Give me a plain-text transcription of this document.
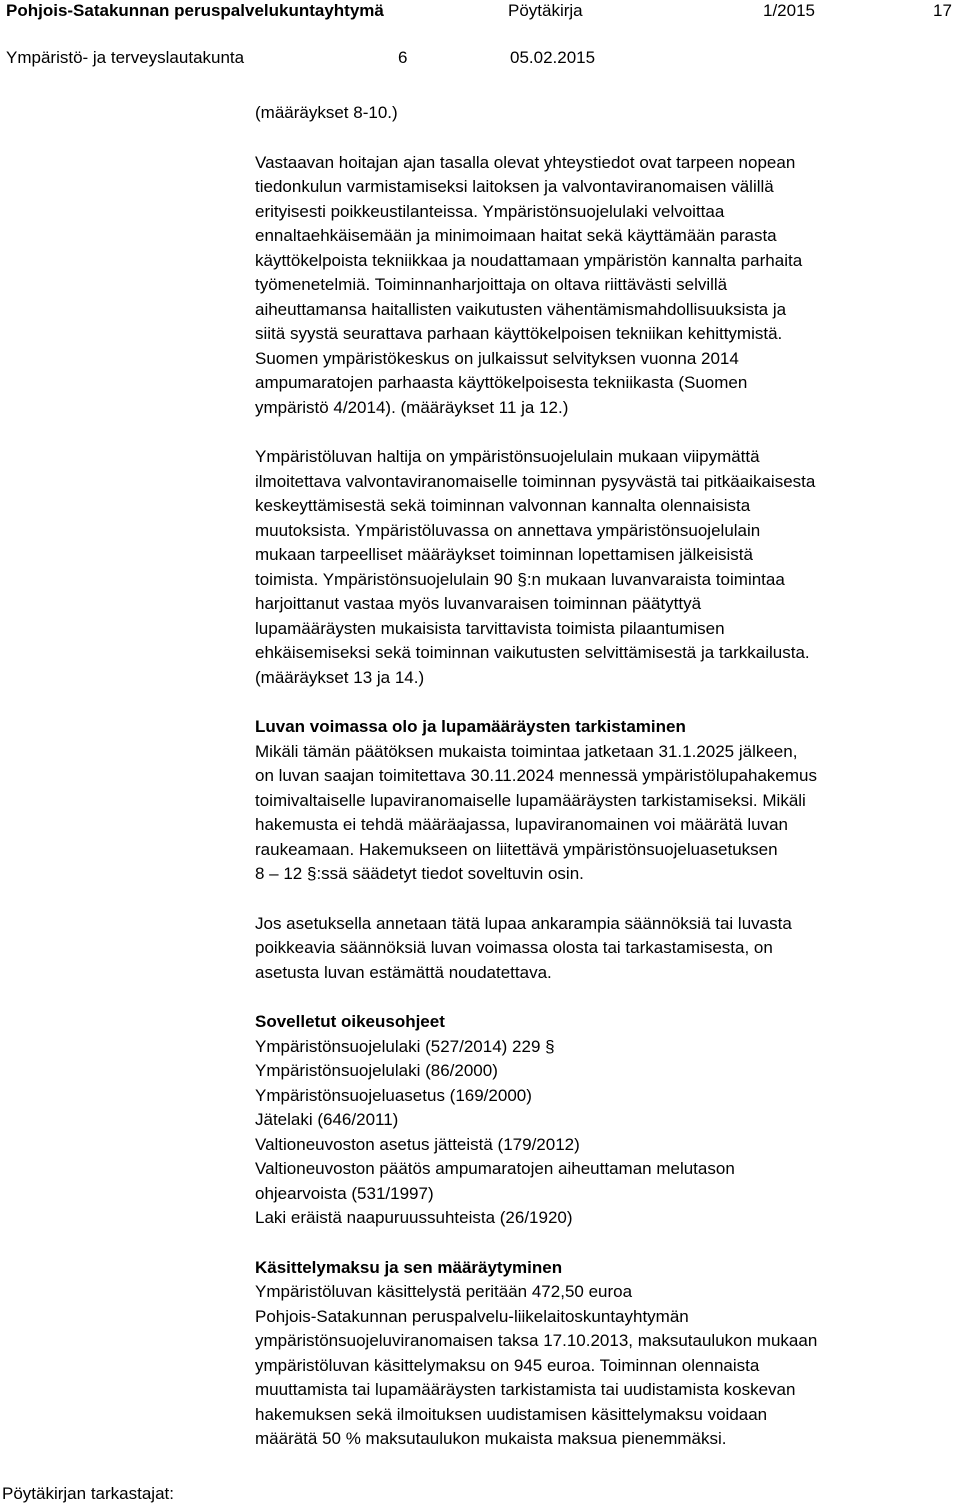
Pohjois-Satakunnan peruspalvelukuntayhtymä	Pöytäkirja	1/2015	17
Ympäristö- ja terveyslautakunta	6	05.02.2015

(määräykset 8-10.)

Vastaavan hoitajan ajan tasalla olevat yhteystiedot ovat tarpeen nopean
tiedonkulun varmistamiseksi laitoksen ja valvontaviranomaisen välillä
erityisesti poikkeustilanteissa. Ympäristönsuojelulaki velvoittaa
ennaltaehkäisemään ja minimoimaan haitat sekä käyttämään parasta
käyttökelpoista tekniikkaa ja noudattamaan ympäristön kannalta parhaita
työmenetelmiä. Toiminnanharjoittaja on oltava riittävästi selvillä
aiheuttamansa haitallisten vaikutusten vähentämismahdollisuuksista ja
siitä syystä seurattava parhaan käyttökelpoisen tekniikan kehittymistä.
Suomen ympäristökeskus on julkaissut selvityksen vuonna 2014
ampumaratojen parhaasta käyttökelpoisesta tekniikasta (Suomen
ympäristö 4/2014). (määräykset 11 ja 12.)

Ympäristöluvan haltija on ympäristönsuojelulain mukaan viipymättä
ilmoitettava valvontaviranomaiselle toiminnan pysyvästä tai pitkäaikaisesta
keskeyttämisestä sekä toiminnan valvonnan kannalta olennaisista
muutoksista. Ympäristöluvassa on annettava ympäristönsuojelulain
mukaan tarpeelliset määräykset toiminnan lopettamisen jälkeisistä
toimista. Ympäristönsuojelulain 90 §:n mukaan luvanvaraista toimintaa
harjoittanut vastaa myös luvanvaraisen toiminnan päätyttyä
lupamääräysten mukaisista tarvittavista toimista pilaantumisen
ehkäisemiseksi sekä toiminnan vaikutusten selvittämisestä ja tarkkailusta.
(määräykset 13 ja 14.)

Luvan voimassa olo ja lupamääräysten tarkistaminen

Mikäli tämän päätöksen mukaista toimintaa jatketaan 31.1.2025 jälkeen,
on luvan saajan toimitettava 30.11.2024 mennessä ympäristölupahakemus
toimivaltaiselle lupaviranomaiselle lupamääräysten tarkistamiseksi. Mikäli
hakemusta ei tehdä määräajassa, lupaviranomainen voi määrätä luvan
raukeamaan. Hakemukseen on liitettävä ympäristönsuojeluasetuksen
8 – 12 §:ssä säädetyt tiedot soveltuvin osin.

Jos asetuksella annetaan tätä lupaa ankarampia säännöksiä tai luvasta
poikkeavia säännöksiä luvan voimassa olosta tai tarkastamisesta, on
asetusta luvan estämättä noudatettava.

Sovelletut oikeusohjeet

Ympäristönsuojelulaki (527/2014) 229 §
Ympäristönsuojelulaki (86/2000)
Ympäristönsuojeluasetus (169/2000)
Jätelaki (646/2011)
Valtioneuvoston asetus jätteistä (179/2012)
Valtioneuvoston päätös ampumaratojen aiheuttaman melutason
ohjearvoista (531/1997)
Laki eräistä naapuruussuhteista (26/1920)

Käsittelymaksu ja sen määräytyminen

Ympäristöluvan käsittelystä peritään 472,50 euroa
Pohjois-Satakunnan peruspalvelu-liikelaitoskuntayhtymän
ympäristönsuojeluviranomaisen taksa 17.10.2013, maksutaulukon mukaan
ympäristöluvan käsittelymaksu on 945 euroa. Toiminnan olennaista
muuttamista tai lupamääräysten tarkistamista tai uudistamista koskevan
hakemuksen sekä ilmoituksen uudistamisen käsittelymaksu voidaan
määrätä 50 % maksutaulukon mukaista maksua pienemmäksi.

Pöytäkirjan tarkastajat:
